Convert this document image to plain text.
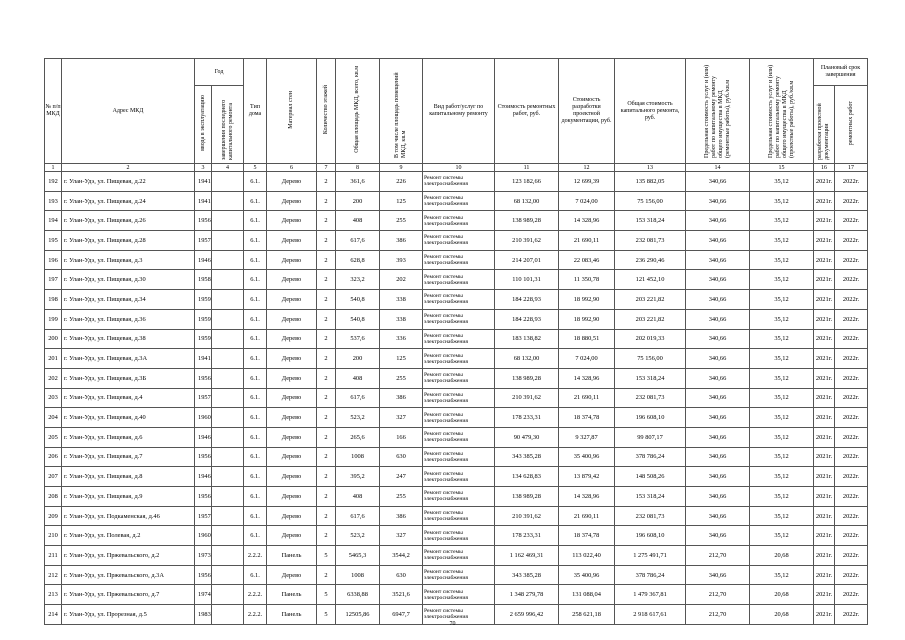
№ п/п МКД	Адрес МКД	Год		Тип дома	Материал стен	Количество этажей	Общая площадь МКД, всего, кв.м	В том числе площадь помещений МКД, кв.м	Вид работ/услуг по капитальному ремонту	Стоимость ремонтных работ, руб.	Стоимость разработки проектной документации, руб.	Общая стоимость капитального ремонта, руб.	Предельная стоимость услуг и (или) работ по капитальному ремонту общего имущества в МКД (ремонтные работы), руб./кв.м	Предельная стоимость услуг и (или) работ по капитальному ремонту общего имущества в МКД (проектные работы), руб./кв.м	Плановый срок завершения	
		ввода в эксплуатацию	завершения последнего капитального ремонта												разработки проектной документации	ремонтных работ
1	2	3	4	5	6	7	8	9	10	11	12	13	14	15	16	17
192	г. Улан-Удэ, ул. Пищевая, д.22	1941		6.1.	Дерево	2	361,6	226	Ремонт системы электроснабжения	123 182,66	12 699,39	135 882,05	340,66	35,12	2021г.	2022г.
193	г. Улан-Удэ, ул. Пищевая, д.24	1941		6.1.	Дерево	2	200	125	Ремонт системы электроснабжения	68 132,00	7 024,00	75 156,00	340,66	35,12	2021г.	2022г.
194	г. Улан-Удэ, ул. Пищевая, д.26	1956		6.1.	Дерево	2	408	255	Ремонт системы электроснабжения	138 989,28	14 328,96	153 318,24	340,66	35,12	2021г.	2022г.
195	г. Улан-Удэ, ул. Пищевая, д.28	1957		6.1.	Дерево	2	617,6	386	Ремонт системы электроснабжения	210 391,62	21 690,11	232 081,73	340,66	35,12	2021г.	2022г.
196	г. Улан-Удэ, ул. Пищевая, д.3	1946		6.1.	Дерево	2	628,8	393	Ремонт системы электроснабжения	214 207,01	22 083,46	236 290,46	340,66	35,12	2021г.	2022г.
197	г. Улан-Удэ, ул. Пищевая, д.30	1958		6.1.	Дерево	2	323,2	202	Ремонт системы электроснабжения	110 101,31	11 350,78	121 452,10	340,66	35,12	2021г.	2022г.
198	г. Улан-Удэ, ул. Пищевая, д.34	1959		6.1.	Дерево	2	540,8	338	Ремонт системы электроснабжения	184 228,93	18 992,90	203 221,82	340,66	35,12	2021г.	2022г.
199	г. Улан-Удэ, ул. Пищевая, д.36	1959		6.1.	Дерево	2	540,8	338	Ремонт системы электроснабжения	184 228,93	18 992,90	203 221,82	340,66	35,12	2021г.	2022г.
200	г. Улан-Удэ, ул. Пищевая, д.38	1959		6.1.	Дерево	2	537,6	336	Ремонт системы электроснабжения	183 138,82	18 880,51	202 019,33	340,66	35,12	2021г.	2022г.
201	г. Улан-Удэ, ул. Пищевая, д.3А	1941		6.1.	Дерево	2	200	125	Ремонт системы электроснабжения	68 132,00	7 024,00	75 156,00	340,66	35,12	2021г.	2022г.
202	г. Улан-Удэ, ул. Пищевая, д.3Б	1956		6.1.	Дерево	2	408	255	Ремонт системы электроснабжения	138 989,28	14 328,96	153 318,24	340,66	35,12	2021г.	2022г.
203	г. Улан-Удэ, ул. Пищевая, д.4	1957		6.1.	Дерево	2	617,6	386	Ремонт системы электроснабжения	210 391,62	21 690,11	232 081,73	340,66	35,12	2021г.	2022г.
204	г. Улан-Удэ, ул. Пищевая, д.40	1960		6.1.	Дерево	2	523,2	327	Ремонт системы электроснабжения	178 233,31	18 374,78	196 608,10	340,66	35,12	2021г.	2022г.
205	г. Улан-Удэ, ул. Пищевая, д.6	1946		6.1.	Дерево	2	265,6	166	Ремонт системы электроснабжения	90 479,30	9 327,87	99 807,17	340,66	35,12	2021г.	2022г.
206	г. Улан-Удэ, ул. Пищевая, д.7	1956		6.1.	Дерево	2	1008	630	Ремонт системы электроснабжения	343 385,28	35 400,96	378 786,24	340,66	35,12	2021г.	2022г.
207	г. Улан-Удэ, ул. Пищевая, д.8	1946		6.1.	Дерево	2	395,2	247	Ремонт системы электроснабжения	134 628,83	13 879,42	148 508,26	340,66	35,12	2021г.	2022г.
208	г. Улан-Удэ, ул. Пищевая, д.9	1956		6.1.	Дерево	2	408	255	Ремонт системы электроснабжения	138 989,28	14 328,96	153 318,24	340,66	35,12	2021г.	2022г.
209	г. Улан-Удэ, ул. Подкаменская, д.46	1957		6.1.	Дерево	2	617,6	386	Ремонт системы электроснабжения	210 391,62	21 690,11	232 081,73	340,66	35,12	2021г.	2022г.
210	г. Улан-Удэ, ул. Полевая, д.2	1960		6.1.	Дерево	2	523,2	327	Ремонт системы электроснабжения	178 233,31	18 374,78	196 608,10	340,66	35,12	2021г.	2022г.
211	г. Улан-Удэ, ул. Пржевальского, д.2	1973		2.2.2.	Панель	5	5465,3	3544,2	Ремонт системы электроснабжения	1 162 469,31	113 022,40	1 275 491,71	212,70	20,68	2021г.	2022г.
212	г. Улан-Удэ, ул. Пржевальского, д.3А	1956		6.1.	Дерево	2	1008	630	Ремонт системы электроснабжения	343 385,28	35 400,96	378 786,24	340,66	35,12	2021г.	2022г.
213	г. Улан-Удэ, ул. Пржевальского, д.7	1974		2.2.2.	Панель	5	6338,88	3521,6	Ремонт системы электроснабжения	1 348 279,78	131 088,04	1 479 367,81	212,70	20,68	2021г.	2022г.
214	г. Улан-Удэ, ул. Прорезная, д.5	1983		2.2.2.	Панель	5	12505,86	6947,7	Ремонт системы электроснабжения	2 659 996,42	258 621,18	2 918 617,61	212,70	20,68	2021г.	2022г.
70
